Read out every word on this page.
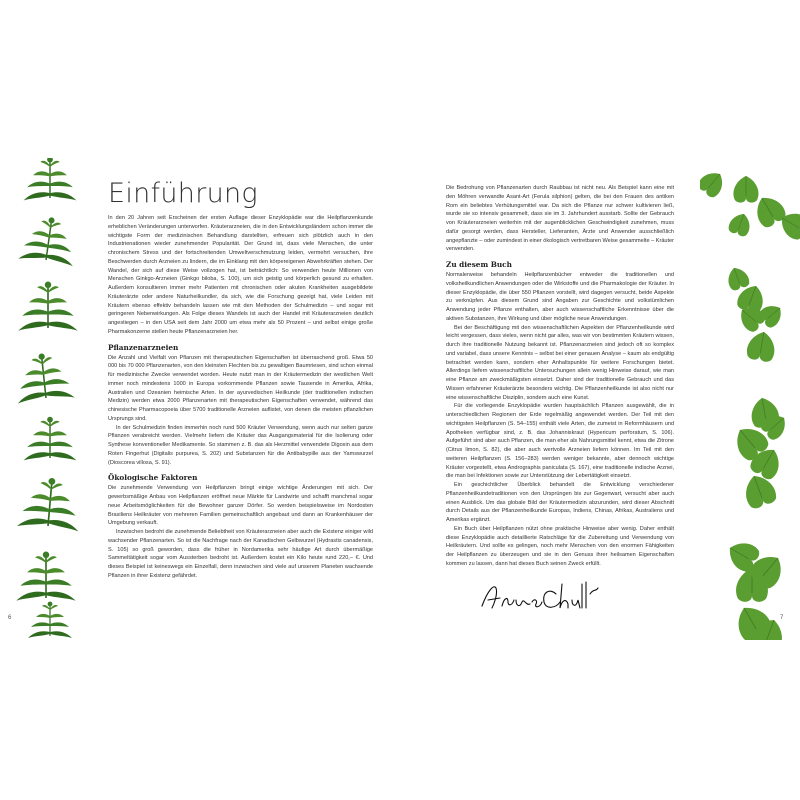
Einführung

In den 20 Jahren seit Erscheinen der ersten Auflage dieser Enzyklopädie war die Heilpflanzenkunde erheblichen Veränderungen unterworfen. Kräuterarzneien, die in den Entwicklungsländern schon immer die wichtigste Form der medizinischen Behandlung darstellten, erfreuen sich plötzlich auch in den Industrienationen wieder zunehmender Popularität. Der Grund ist, dass viele Menschen, die unter chronischem Stress und der fortschreitenden Umweltverschmutzung leiden, vermehrt versuchen, ihre Beschwerden durch Arzneien zu lindern, die im Einklang mit den körpereigenen Abwehrkräften stehen. Der Wandel, der sich auf diese Weise vollzogen hat, ist beträchtlich: So verwenden heute Millionen von Menschen Ginkgo-Arzneien (Ginkgo biloba, S. 100), um sich geistig und körperlich gesund zu erhalten. Außerdem konsultieren immer mehr Patienten mit chronischen oder akuten Krankheiten ausgebildete Kräuterärzte oder andere Naturheilkundler, da sich, wie die Forschung gezeigt hat, viele Leiden mit Kräutern ebenso effektiv behandeln lassen wie mit den Methoden der Schulmedizin – und sogar mit geringeren Nebenwirkungen. Als Folge dieses Wandels ist auch der Handel mit Kräuterarzneien deutlich angestiegen – in den USA seit dem Jahr 2000 um etwa mehr als 50 Prozent – und selbst einige große Pharmakonzerne stellen heute Pflanzenarzneien her.

Pflanzenarzneien

Die Anzahl und Vielfalt von Pflanzen mit therapeutischen Eigenschaften ist überraschend groß. Etwa 50 000 bis 70 000 Pflanzenarten, von den kleinsten Flechten bis zu gewaltigen Baumriesen, sind schon einmal für medizinische Zwecke verwendet worden. Heute nutzt man in der Kräutermedizin der westlichen Welt immer noch mindestens 1000 in Europa vorkommende Pflanzen sowie Tausende in Amerika, Afrika, Australien und Ozeanien heimische Arten. In der ayurvedischen Heilkunde (der traditionellen indischen Medizin) werden etwa 2000 Pflanzenarten mit therapeutischen Eigenschaften verwendet, während das chinesische Pharmacopoeia über 5700 traditionelle Arzneien auflistet, von denen die meisten pflanzlichen Ursprungs sind.

In der Schulmedizin finden immerhin noch rund 500 Kräuter Verwendung, wenn auch nur selten ganze Pflanzen verabreicht werden. Vielmehr liefern die Kräuter das Ausgangsmaterial für die Isolierung oder Synthese konventioneller Medikamente. So stammen z. B. das als Herzmittel verwendete Digoxin aus dem Roten Fingerhut (Digitalis purpurea, S. 202) und Substanzen für die Antibabypille aus der Yamswurzel (Dioscorea villosa, S. 91).

Ökologische Faktoren

Die zunehmende Verwendung von Heilpflanzen bringt einige wichtige Änderungen mit sich. Der gewerbsmäßige Anbau von Heilpflanzen eröffnet neue Märkte für Landwirte und schafft manchmal sogar neue Arbeitsmöglichkeiten für die Bewohner ganzer Dörfer. So werden beispielsweise im Nordosten Brasiliens Heilkräuter von mehreren Familien gemeinschaftlich angebaut und dann an Krankenhäuser der Umgebung verkauft.

Inzwischen bedroht die zunehmende Beliebtheit von Kräuterarzneien aber auch die Existenz einiger wild wachsender Pflanzenarten. So ist die Nachfrage nach der Kanadischen Gelbwurzel (Hydrastis canadensis, S. 105) so groß geworden, dass die früher in Nordamerika sehr häufige Art durch übermäßige Sammeltätigkeit sogar vom Aussterben bedroht ist. Außerdem kostet ein Kilo heute rund 220,– €. Und dieses Beispiel ist keineswegs ein Einzelfall, denn inzwischen sind viele auf unserem Planeten wachsende Pflanzen in ihrer Existenz gefährdet.

6	7

Die Bedrohung von Pflanzenarten durch Raubbau ist nicht neu. Als Beispiel kann eine mit den Möhren verwandte Asant-Art (Ferula silphion) gelten, die bei den Frauen des antiken Rom ein beliebtes Verhütungsmittel war. Da sich die Pflanze nur schwer kultivieren ließ, wurde sie so intensiv gesammelt, dass sie im 3. Jahrhundert ausstarb. Sollte der Gebrauch von Kräuterarzneien weiterhin mit der augenblicklichen Geschwindigkeit zunehmen, muss dafür gesorgt werden, dass Hersteller, Lieferanten, Ärzte und Anwender ausschließlich angepflanzte – oder zumindest in einer ökologisch vertretbaren Weise gesammelte – Kräuter verwenden.

Zu diesem Buch

Normalerweise behandeln Heilpflanzenbücher entweder die traditionellen und volksheilkundlichen Anwendungen oder die Wirkstoffe und die Pharmakologie der Kräuter. In dieser Enzyklopädie, die über 550 Pflanzen vorstellt, wird dagegen versucht, beide Aspekte zu verknüpfen. Aus diesem Grund sind Angaben zur Geschichte und volkstümlichen Anwendung jeder Pflanze enthalten, aber auch wissenschaftliche Erkenntnisse über die aktiven Substanzen, ihre Wirkung und über mögliche neue Anwendungen.

Bei der Beschäftigung mit den wissenschaftlichen Aspekten der Pflanzenheilkunde wird leicht vergessen, dass vieles, wenn nicht gar alles, was wir von bestimmten Kräutern wissen, durch ihre traditionelle Nutzung bekannt ist. Pflanzenarzneien sind jedoch oft so komplex und variabel, dass unsere Kenntnis – selbst bei einer genauen Analyse – kaum als endgültig betrachtet werden kann, sondern eher Anhaltspunkte für weitere Forschungen bietet. Allerdings liefern wissenschaftliche Untersuchungen allein wenig Hinweise darauf, wie man eine Pflanze am zweckmäßigsten einsetzt. Daher sind der traditionelle Gebrauch und das Wissen erfahrener Kräuterärzte besonders wichtig. Die Pflanzenheilkunde ist also nicht nur eine wissenschaftliche Disziplin, sondern auch eine Kunst.

Für die vorliegende Enzyklopädie wurden hauptsächlich Pflanzen ausgewählt, die in unterschiedlichen Regionen der Erde regelmäßig angewendet werden. Der Teil mit den wichtigsten Heilpflanzen (S. 54–155) enthält viele Arten, die zumeist in Reformhäusern und Apotheken verfügbar sind, z. B. das Johanniskraut (Hypericum perforatum, S. 106). Aufgeführt sind aber auch Pflanzen, die man eher als Nahrungsmittel kennt, etwa die Zitrone (Citrus limon, S. 82), die aber auch wertvolle Arzneien liefern können. Im Teil mit den weiteren Heilpflanzen (S. 156–283) werden weniger bekannte, aber dennoch wichtige Kräuter vorgestellt, etwa Andrographis paniculata (S. 167), eine traditionelle indische Arznei, die man bei Infektionen sowie zur Unterstützung der Lebertätigkeit einsetzt.

Ein geschichtlicher Überblick behandelt die Entwicklung verschiedener Pflanzenheilkundetraditionen von den Ursprüngen bis zur Gegenwart, versucht aber auch einen Ausblick. Um das globale Bild der Kräutermedizin abzurunden, wird dieser Abschnitt durch Details aus der Pflanzenheilkunde Europas, Indiens, Chinas, Afrikas, Australiens und Amerikas ergänzt.

Ein Buch über Heilpflanzen nützt ohne praktische Hinweise aber wenig. Daher enthält diese Enzyklopädie auch detaillierte Ratschläge für die Zubereitung und Verwendung von Heilkräutern. Und sollte es gelingen, noch mehr Menschen von den enormen Fähigkeiten der Heilpflanzen zu überzeugen und sie in den Genuss ihrer heilsamen Eigenschaften kommen zu lassen, dann hat dieses Buch seinen Zweck erfüllt.
